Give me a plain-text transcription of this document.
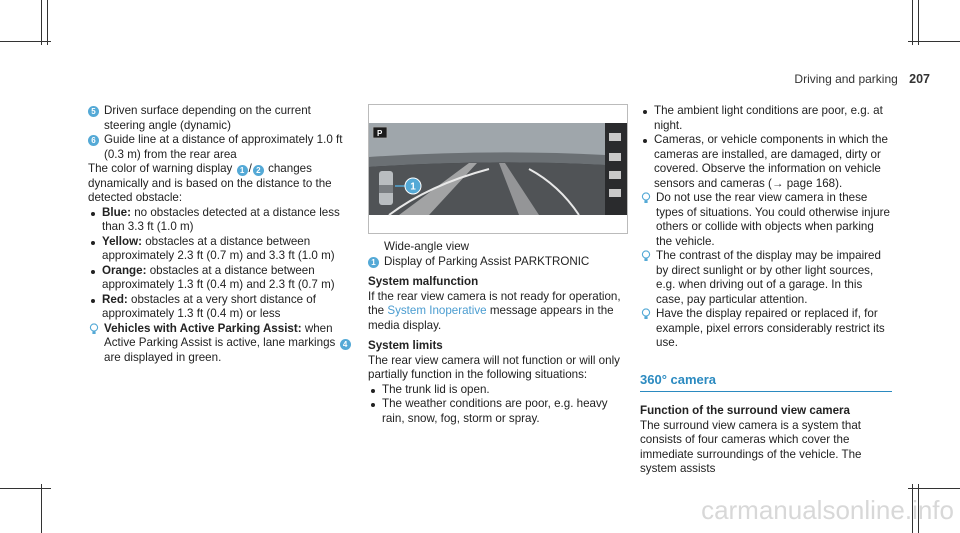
Driving and parking 207
5 Driven surface depending on the current steering angle (dynamic)
6 Guide line at a distance of approximately 1.0 ft (0.3 m) from the rear area
The color of warning display 1 / 2 changes dynamically and is based on the distance to the detected obstacle:
Blue: no obstacles detected at a distance less than 3.3 ft (1.0 m)
Yellow: obstacles at a distance between approximately 2.3 ft (0.7 m) and 3.3 ft (1.0 m)
Orange: obstacles at a distance between approximately 1.3 ft (0.4 m) and 2.3 ft (0.7 m)
Red: obstacles at a very short distance of approximately 1.3 ft (0.4 m) or less
Vehicles with Active Parking Assist: when Active Parking Assist is active, lane markings 4 are displayed in green.
P
1
Wide-angle view
1 Display of Parking Assist PARKTRONIC
System malfunction
If the rear view camera is not ready for operation, the System Inoperative message appears in the media display.
System limits
The rear view camera will not function or will only partially function in the following situations:
The trunk lid is open.
The weather conditions are poor, e.g. heavy rain, snow, fog, storm or spray.
The ambient light conditions are poor, e.g. at night.
Cameras, or vehicle components in which the cameras are installed, are damaged, dirty or covered. Observe the information on vehicle sensors and cameras (→ page 168).
Do not use the rear view camera in these types of situations. You could otherwise injure others or collide with objects when parking the vehicle.
The contrast of the display may be impaired by direct sunlight or by other light sources, e.g. when driving out of a garage. In this case, pay particular attention.
Have the display repaired or replaced if, for example, pixel errors considerably restrict its use.
360° camera
Function of the surround view camera
The surround view camera is a system that consists of four cameras which cover the immediate surroundings of the vehicle. The system assists
carmanualsonline.info
